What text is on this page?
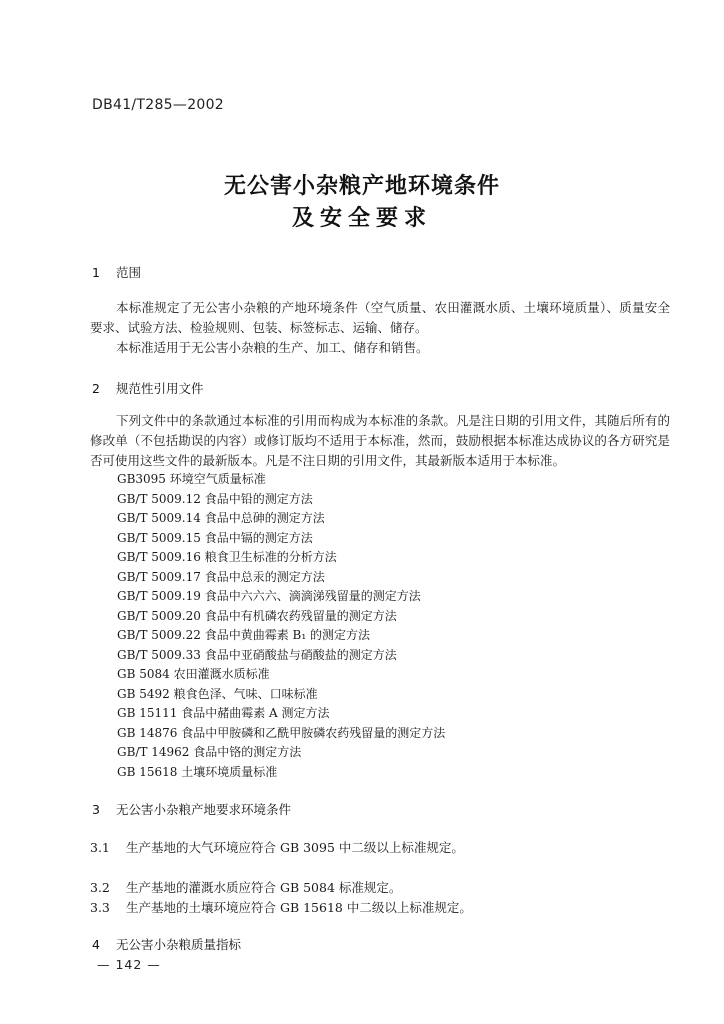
DB41/T285—2002
无公害小杂粮产地环境条件
及安全要求
1 范围
本标准规定了无公害小杂粮的产地环境条件（空气质量、农田灌溉水质、土壤环境质量）、质量安全要求、试验方法、检验规则、包装、标签标志、运输、储存。
本标准适用于无公害小杂粮的生产、加工、储存和销售。
2 规范性引用文件
下列文件中的条款通过本标准的引用而构成为本标准的条款。凡是注日期的引用文件，其随后所有的修改单（不包括勘误的内容）或修订版均不适用于本标准，然而，鼓励根据本标准达成协议的各方研究是否可使用这些文件的最新版本。凡是不注日期的引用文件，其最新版本适用于本标准。
GB3095 环境空气质量标准
GB/T 5009.12 食品中铅的测定方法
GB/T 5009.14 食品中总砷的测定方法
GB/T 5009.15 食品中镉的测定方法
GB/T 5009.16 粮食卫生标准的分析方法
GB/T 5009.17 食品中总汞的测定方法
GB/T 5009.19 食品中六六六、滴滴涕残留量的测定方法
GB/T 5009.20 食品中有机磷农药残留量的测定方法
GB/T 5009.22 食品中黄曲霉素 B₁ 的测定方法
GB/T 5009.33 食品中亚硝酸盐与硝酸盐的测定方法
GB 5084 农田灌溉水质标准
GB 5492 粮食色泽、气味、口味标准
GB 15111 食品中赭曲霉素 A 测定方法
GB 14876 食品中甲胺磷和乙酰甲胺磷农药残留量的测定方法
GB/T 14962 食品中铬的测定方法
GB 15618 土壤环境质量标准
3 无公害小杂粮产地要求环境条件
3.1 生产基地的大气环境应符合 GB 3095 中二级以上标准规定。
3.2 生产基地的灌溉水质应符合 GB 5084 标准规定。
3.3 生产基地的土壤环境应符合 GB 15618 中二级以上标准规定。
4 无公害小杂粮质量指标
— 142 —
